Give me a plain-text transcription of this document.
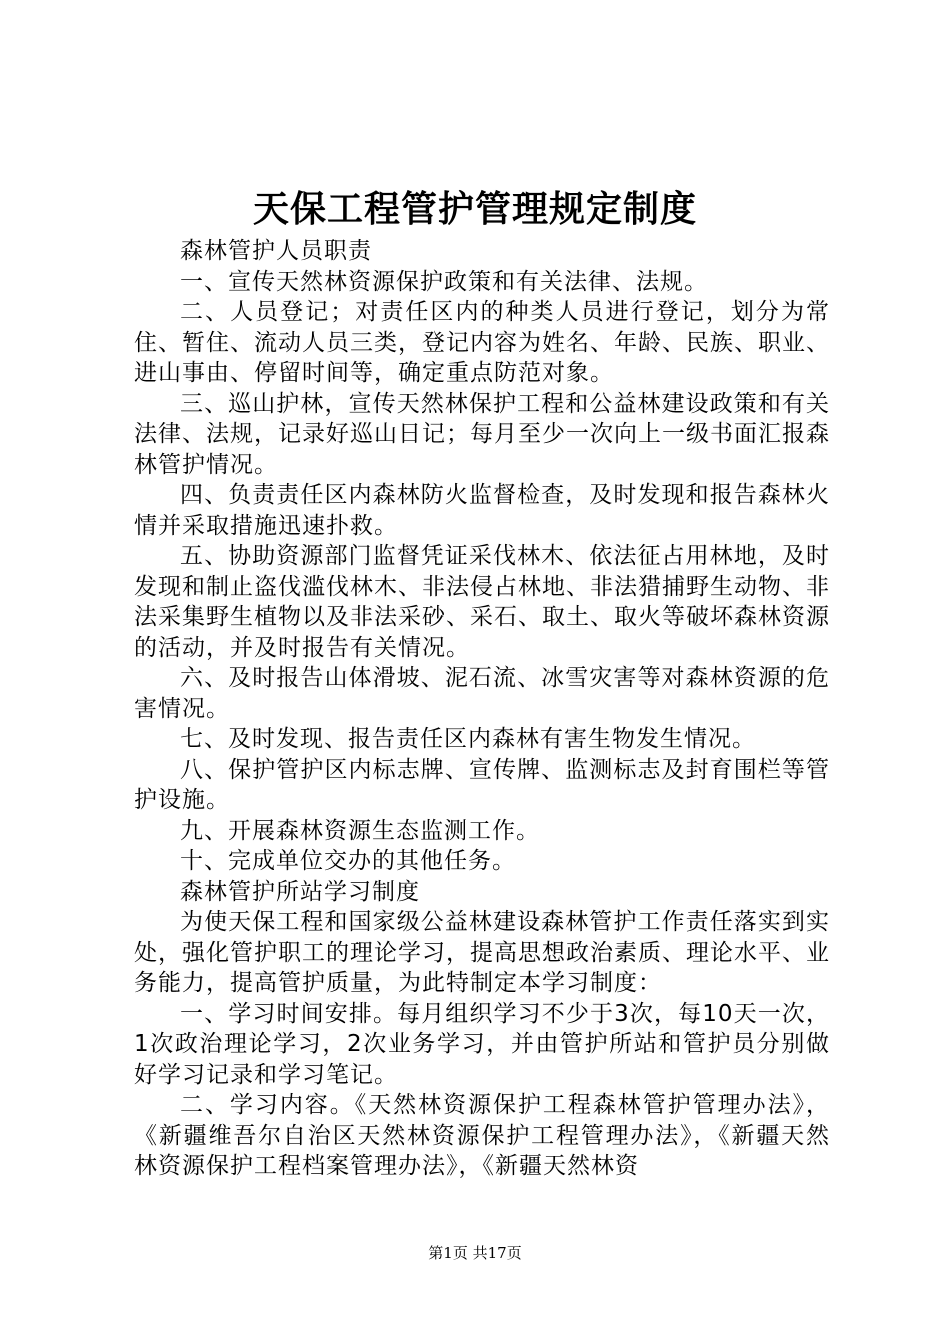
天保工程管护管理规定制度

森林管护人员职责

一、宣传天然林资源保护政策和有关法律、法规。

二、人员登记；对责任区内的种类人员进行登记，划分为常住、暂住、流动人员三类，登记内容为姓名、年龄、民族、职业、进山事由、停留时间等，确定重点防范对象。

三、巡山护林，宣传天然林保护工程和公益林建设政策和有关法律、法规，记录好巡山日记；每月至少一次向上一级书面汇报森林管护情况。

四、负责责任区内森林防火监督检查，及时发现和报告森林火情并采取措施迅速扑救。

五、协助资源部门监督凭证采伐林木、依法征占用林地，及时发现和制止盗伐滥伐林木、非法侵占林地、非法猎捕野生动物、非法采集野生植物以及非法采砂、采石、取土、取火等破坏森林资源的活动，并及时报告有关情况。

六、及时报告山体滑坡、泥石流、冰雪灾害等对森林资源的危害情况。

七、及时发现、报告责任区内森林有害生物发生情况。

八、保护管护区内标志牌、宣传牌、监测标志及封育围栏等管护设施。

九、开展森林资源生态监测工作。

十、完成单位交办的其他任务。

森林管护所站学习制度

为使天保工程和国家级公益林建设森林管护工作责任落实到实处，强化管护职工的理论学习，提高思想政治素质、理论水平、业务能力，提高管护质量，为此特制定本学习制度：

一、学习时间安排。每月组织学习不少于3次，每10天一次，1次政治理论学习，2次业务学习，并由管护所站和管护员分别做好学习记录和学习笔记。

二、学习内容。《天然林资源保护工程森林管护管理办法》，《新疆维吾尔自治区天然林资源保护工程管理办法》，《新疆天然林资源保护工程档案管理办法》，《新疆天然林资

第1页 共17页
